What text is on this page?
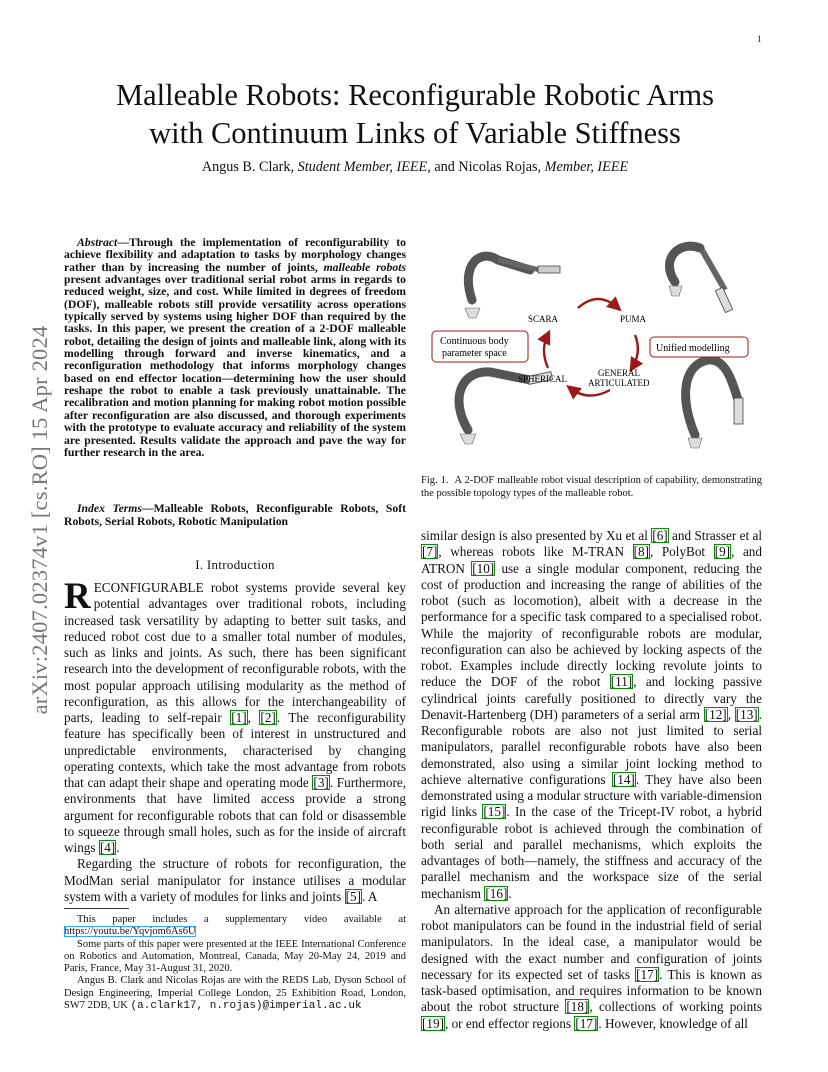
1
arXiv:2407.02374v1 [cs.RO] 15 Apr 2024
Malleable Robots: Reconfigurable Robotic Arms
with Continuum Links of Variable Stiffness
Angus B. Clark, Student Member, IEEE, and Nicolas Rojas, Member, IEEE

Abstract—Through the implementation of reconfigurability to achieve flexibility and adaptation to tasks by morphology changes rather than by increasing the number of joints, malleable robots present advantages over traditional serial robot arms in regards to reduced weight, size, and cost. While limited in degrees of freedom (DOF), malleable robots still provide versatility across operations typically served by systems using higher DOF than required by the tasks. In this paper, we present the creation of a 2-DOF malleable robot, detailing the design of joints and malleable link, along with its modelling through forward and inverse kinematics, and a reconfiguration methodology that informs morphology changes based on end effector location—determining how the user should reshape the robot to enable a task previously unattainable. The recalibration and motion planning for making robot motion possible after reconfiguration are also discussed, and thorough experiments with the prototype to evaluate accuracy and reliability of the system are presented. Results validate the approach and pave the way for further research in the area.

Index Terms—Malleable Robots, Reconfigurable Robots, Soft Robots, Serial Robots, Robotic Manipulation

I. Introduction

RECONFIGURABLE robot systems provide several key potential advantages over traditional robots, including increased task versatility by adapting to better suit tasks, and reduced robot cost due to a smaller total number of modules, such as links and joints. As such, there has been significant research into the development of reconfigurable robots, with the most popular approach utilising modularity as the method of reconfiguration, as this allows for the interchangeability of parts, leading to self-repair [1], [2]. The reconfigurability feature has specifically been of interest in unstructured and unpredictable environments, characterised by changing operating contexts, which take the most advantage from robots that can adapt their shape and operating mode [3]. Furthermore, environments that have limited access provide a strong argument for reconfigurable robots that can fold or disassemble to squeeze through small holes, such as for the inside of aircraft wings [4].

Regarding the structure of robots for reconfiguration, the ModMan serial manipulator for instance utilises a modular system with a variety of modules for links and joints [5]. A

This paper includes a supplementary video available at https://youtu.be/Yqvjom6As6U

Some parts of this paper were presented at the IEEE International Conference on Robotics and Automation, Montreal, Canada, May 20-May 24, 2019 and Paris, France, May 31-August 31, 2020.

Angus B. Clark and Nicolas Rojas are with the REDS Lab, Dyson School of Design Engineering, Imperial College London, 25 Exhibition Road, London, SW7 2DB, UK (a.clark17, n.rojas)@imperial.ac.uk

SCARA	PUMA
SPHERICAL
GENERAL
ARTICULATED
Continuous body
parameter space	Unified modelling
Fig. 1. A 2-DOF malleable robot visual description of capability, demonstrating the possible topology types of the malleable robot.

similar design is also presented by Xu et al [6] and Strasser et al [7], whereas robots like M-TRAN [8], PolyBot [9], and ATRON [10] use a single modular component, reducing the cost of production and increasing the range of abilities of the robot (such as locomotion), albeit with a decrease in the performance for a specific task compared to a specialised robot. While the majority of reconfigurable robots are modular, reconfiguration can also be achieved by locking aspects of the robot. Examples include directly locking revolute joints to reduce the DOF of the robot [11], and locking passive cylindrical joints carefully positioned to directly vary the Denavit-Hartenberg (DH) parameters of a serial arm [12], [13]. Reconfigurable robots are also not just limited to serial manipulators, parallel reconfigurable robots have also been demonstrated, also using a similar joint locking method to achieve alternative configurations [14]. They have also been demonstrated using a modular structure with variable-dimension rigid links [15]. In the case of the Tricept-IV robot, a hybrid reconfigurable robot is achieved through the combination of both serial and parallel mechanisms, which exploits the advantages of both—namely, the stiffness and accuracy of the parallel mechanism and the workspace size of the serial mechanism [16].

An alternative approach for the application of reconfigurable robot manipulators can be found in the industrial field of serial manipulators. In the ideal case, a manipulator would be designed with the exact number and configuration of joints necessary for its expected set of tasks [17]. This is known as task-based optimisation, and requires information to be known about the robot structure [18], collections of working points [19], or end effector regions [17]. However, knowledge of all
